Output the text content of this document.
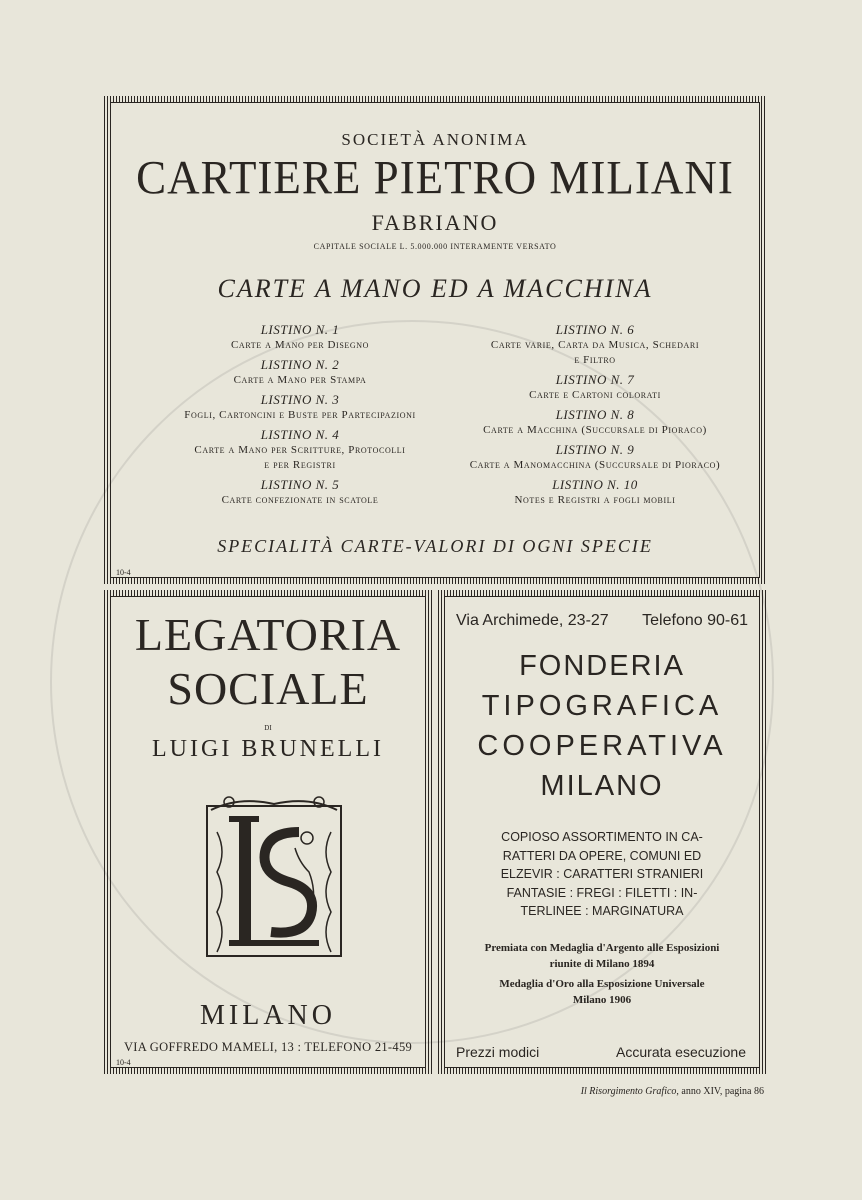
SOCIETÀ ANONIMA
CARTIERE PIETRO MILIANI
FABRIANO
CAPITALE SOCIALE L. 5.000.000 INTERAMENTE VERSATO
CARTE A MANO ED A MACCHINA
LISTINO N. 1
Carte a Mano per Disegno
LISTINO N. 2
Carte a Mano per Stampa
LISTINO N. 3
Fogli, Cartoncini e Buste per Partecipazioni
LISTINO N. 4
Carte a Mano per Scritture, Protocolli
e per Registri
LISTINO N. 5
Carte confezionate in scatole
LISTINO N. 6
Carte varie, Carta da Musica, Schedari
e Filtro
LISTINO N. 7
Carte e Cartoni colorati
LISTINO N. 8
Carte a Macchina (Succursale di Pioraco)
LISTINO N. 9
Carte a Manomacchina (Succursale di Pioraco)
LISTINO N. 10
Notes e Registri a fogli mobili
SPECIALITÀ CARTE-VALORI DI OGNI SPECIE
10-4
LEGATORIA
SOCIALE
DI
LUIGI BRUNELLI
MILANO
VIA GOFFREDO MAMELI, 13 : TELEFONO 21-459
10-4
Via Archimede, 23-27 Telefono 90-61
FONDERIA
TIPOGRAFICA
COOPERATIVA
MILANO
COPIOSO ASSORTIMENTO IN CA-
RATTERI DA OPERE, COMUNI ED
ELZEVIR : CARATTERI STRANIERI
FANTASIE : FREGI : FILETTI : IN-
TERLINEE : MARGINATURA
Premiata con Medaglia d'Argento alle Esposizioni
riunite di Milano 1894
Medaglia d'Oro alla Esposizione Universale
Milano 1906
Prezzi modici	Accurata esecuzione
Il Risorgimento Grafico, anno XIV, pagina 86
